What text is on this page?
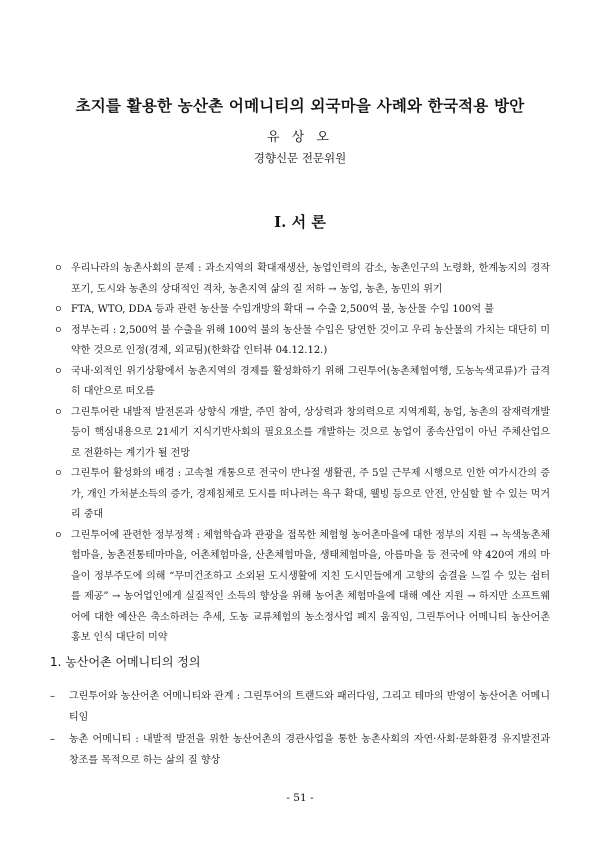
초지를 활용한 농산촌 어메니티의 외국마을 사례와 한국적용 방안

유 상 오

경향신문 전문위원

Ⅰ. 서 론
ㅇ 우리나라의 농촌사회의 문제 : 과소지역의 확대재생산, 농업인력의 감소, 농촌인구의 노령화, 한계농지의 경작포기, 도시와 농촌의 상대적인 격차, 농촌지역 삶의 질 저하 → 농업, 농촌, 농민의 위기
ㅇ FTA, WTO, DDA 등과 관련 농산물 수입개방의 확대 → 수출 2,500억 불, 농산물 수입 100억 불
ㅇ 정부논리 : 2,500억 불 수출을 위해 100억 불의 농산물 수입은 당연한 것이고 우리 농산물의 가치는 대단히 미약한 것으로 인정(경제, 외교팀)(한화갑 인터뷰 04.12.12.)
ㅇ 국내·외적인 위기상황에서 농촌지역의 경제를 활성화하기 위해 그린투어(농촌체험여행, 도농녹색교류)가 급격히 대안으로 떠오름
ㅇ 그린투어란 내발적 발전론과 상향식 개발, 주민 참여, 상상력과 창의력으로 지역계획, 농업, 농촌의 잠재력개발 등이 핵심내용으로 21세기 지식기반사회의 필요요소를 개발하는 것으로 농업이 종속산업이 아닌 주체산업으로 전환하는 계기가 될 전망
ㅇ 그린투어 활성화의 배경 : 고속철 개통으로 전국이 반나절 생활권, 주 5일 근무제 시행으로 인한 여가시간의 증가, 개인 가처분소득의 증가, 경제침체로 도시를 떠나려는 욕구 확대, 웰빙 등으로 안전, 안심할 할 수 있는 먹거리 중대
ㅇ 그린투어에 관련한 정부정책 : 체험학습과 관광을 접목한 체험형 농어촌마을에 대한 정부의 지원 → 녹색농촌체험마을, 농촌전통테마마을, 어촌체험마을, 산촌체험마을, 생태체험마을, 아름마을 등 전국에 약 420여 개의 마을이 정부주도에 의해 “무미건조하고 소외된 도시생활에 지친 도시민들에게 고향의 숨결을 느낄 수 있는 쉼터를 제공” → 농어업인에게 실질적인 소득의 향상을 위해 농어촌 체험마을에 대해 예산 지원 → 하지만 소프트웨어에 대한 예산은 축소하려는 추세, 도농 교류체험의 농소정사업 폐지 움직임, 그린투어나 어메니티 농산어촌 홍보 인식 대단히 미약
1. 농산어촌 어메니티의 정의
– 그린투어와 농산어촌 어메니티와 관계 : 그린투어의 트랜드와 패러다임, 그리고 테마의 반영이 농산어촌 어메니티임
– 농촌 어메니티 : 내발적 발전을 위한 농산어촌의 경관사업을 통한 농촌사회의 자연·사회·문화환경 유지발전과 창조를 목적으로 하는 삶의 질 향상

- 51 -
